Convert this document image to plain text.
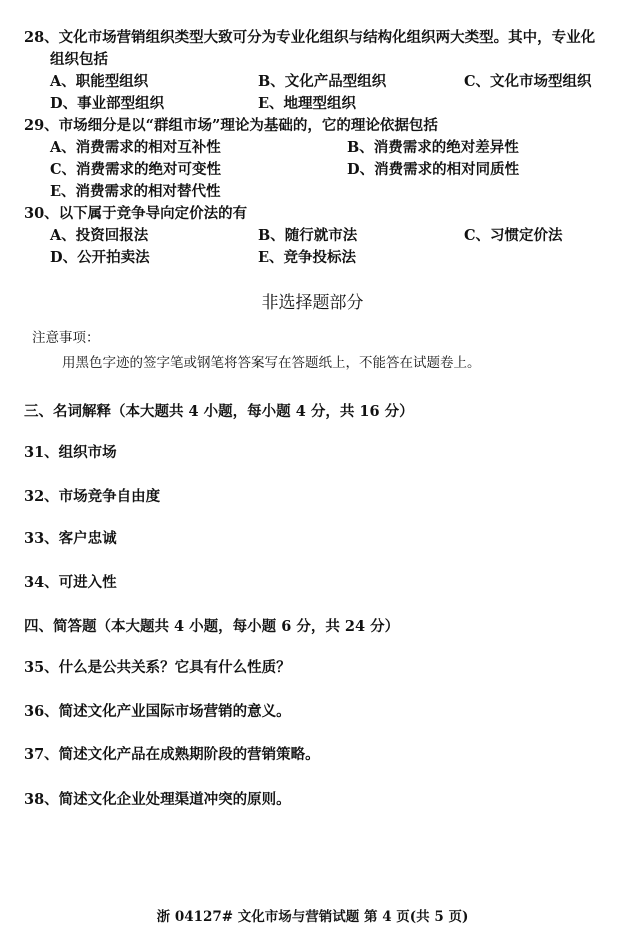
28、文化市场营销组织类型大致可分为专业化组织与结构化组织两大类型。其中，专业化
组织包括
A、职能型组织	B、文化产品型组织	C、文化市场型组织
D、事业部型组织	E、地理型组织
29、市场细分是以“群组市场”理论为基础的，它的理论依据包括
A、消费需求的相对互补性	B、消费需求的绝对差异性
C、消费需求的绝对可变性	D、消费需求的相对同质性
E、消费需求的相对替代性
30、以下属于竞争导向定价法的有
A、投资回报法	B、随行就市法	C、习惯定价法
D、公开拍卖法	E、竞争投标法
非选择题部分
注意事项：
用黑色字迹的签字笔或钢笔将答案写在答题纸上，不能答在试题卷上。
三、名词解释（本大题共 4 小题，每小题 4 分，共 16 分）
31、组织市场
32、市场竞争自由度
33、客户忠诚
34、可进入性
四、简答题（本大题共 4 小题，每小题 6 分，共 24 分）
35、什么是公共关系？它具有什么性质？
36、简述文化产业国际市场营销的意义。
37、简述文化产品在成熟期阶段的营销策略。
38、简述文化企业处理渠道冲突的原则。
浙 04127# 文化市场与营销试题 第 4 页(共 5 页)
